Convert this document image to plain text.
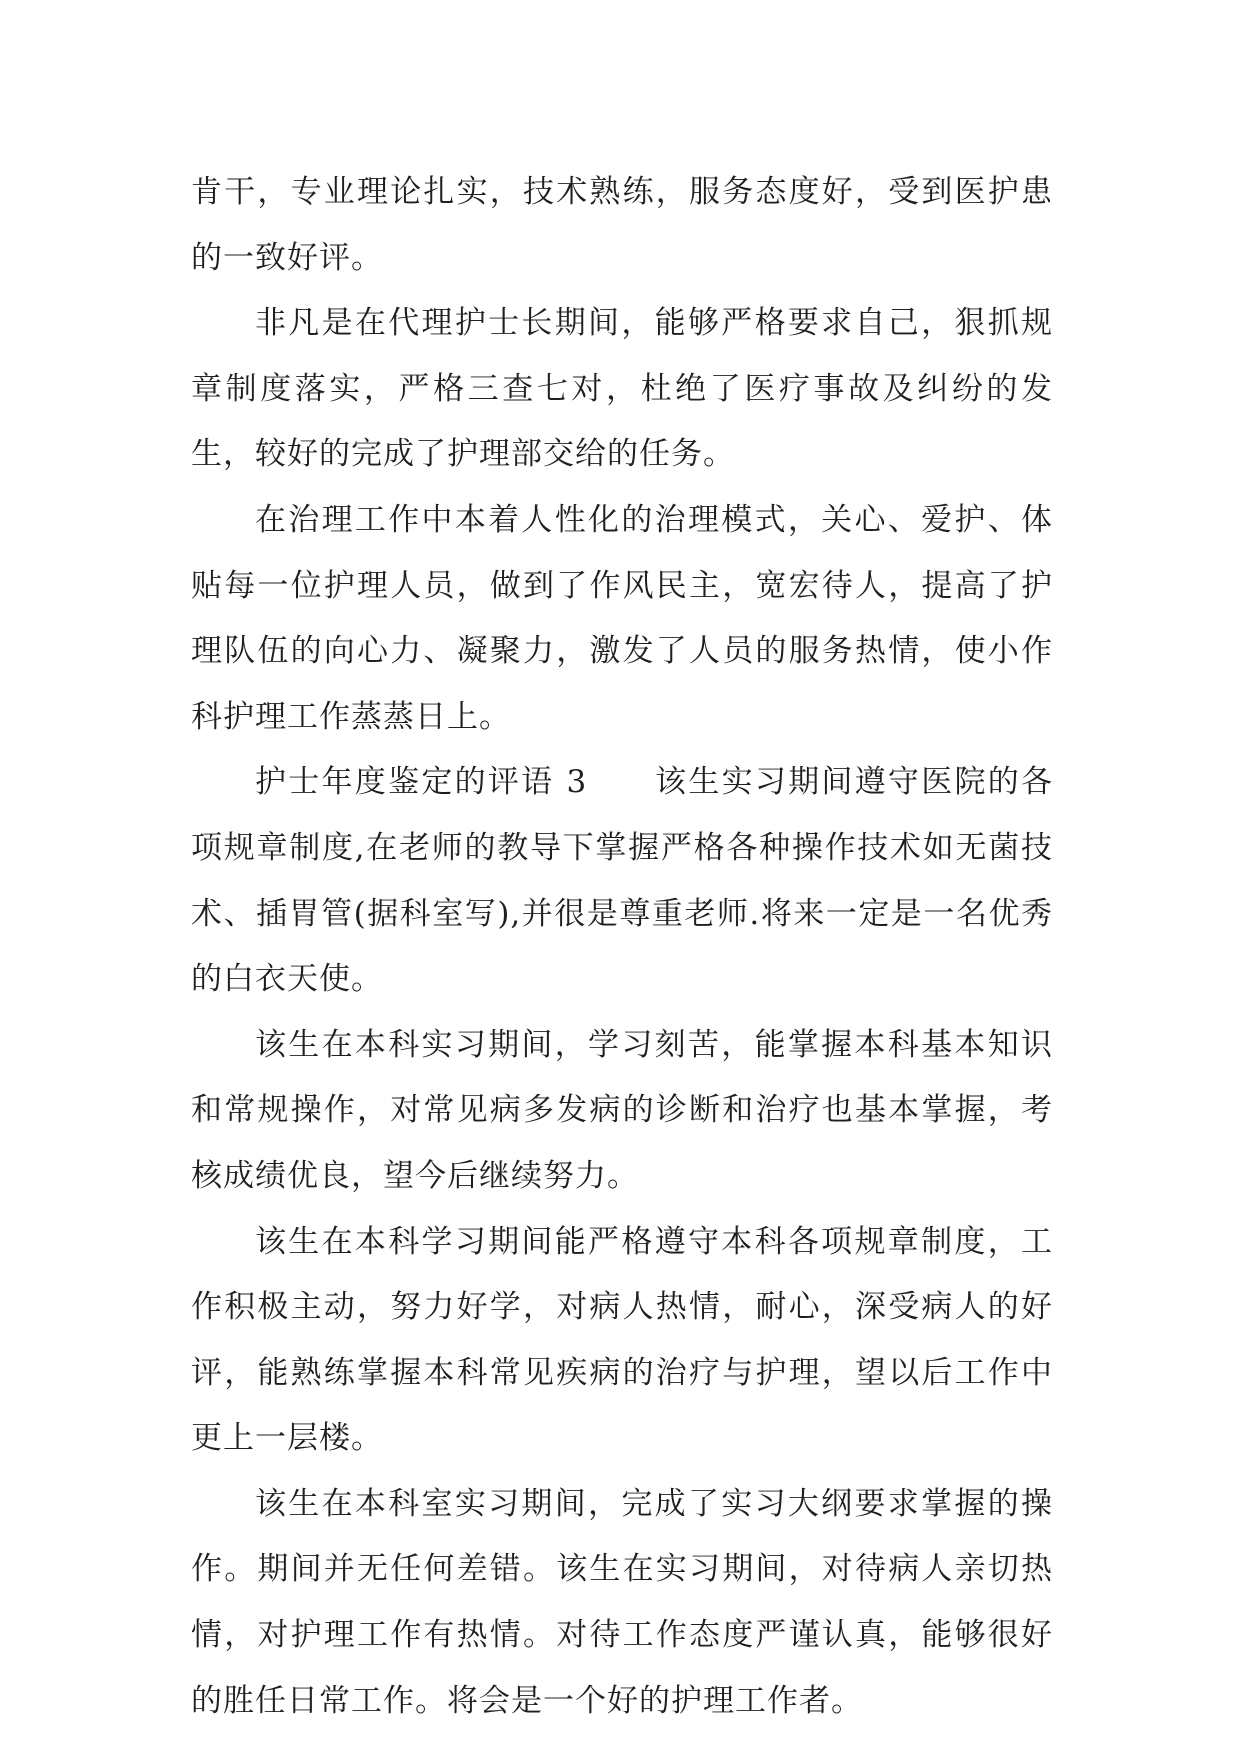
肯干，专业理论扎实，技术熟练，服务态度好，受到医护患的一致好评。

非凡是在代理护士长期间，能够严格要求自己，狠抓规章制度落实，严格三查七对，杜绝了医疗事故及纠纷的发生，较好的完成了护理部交给的任务。

在治理工作中本着人性化的治理模式，关心、爱护、体贴每一位护理人员，做到了作风民主，宽宏待人，提高了护理队伍的向心力、凝聚力，激发了人员的服务热情，使小作科护理工作蒸蒸日上。

护士年度鉴定的评语 3　　该生实习期间遵守医院的各项规章制度,在老师的教导下掌握严格各种操作技术如无菌技术、插胃管(据科室写),并很是尊重老师.将来一定是一名优秀的白衣天使。

该生在本科实习期间，学习刻苦，能掌握本科基本知识和常规操作，对常见病多发病的诊断和治疗也基本掌握，考核成绩优良，望今后继续努力。

该生在本科学习期间能严格遵守本科各项规章制度，工作积极主动，努力好学，对病人热情，耐心，深受病人的好评，能熟练掌握本科常见疾病的治疗与护理，望以后工作中更上一层楼。

该生在本科室实习期间，完成了实习大纲要求掌握的操作。期间并无任何差错。该生在实习期间，对待病人亲切热情，对护理工作有热情。对待工作态度严谨认真，能够很好的胜任日常工作。将会是一个好的护理工作者。
